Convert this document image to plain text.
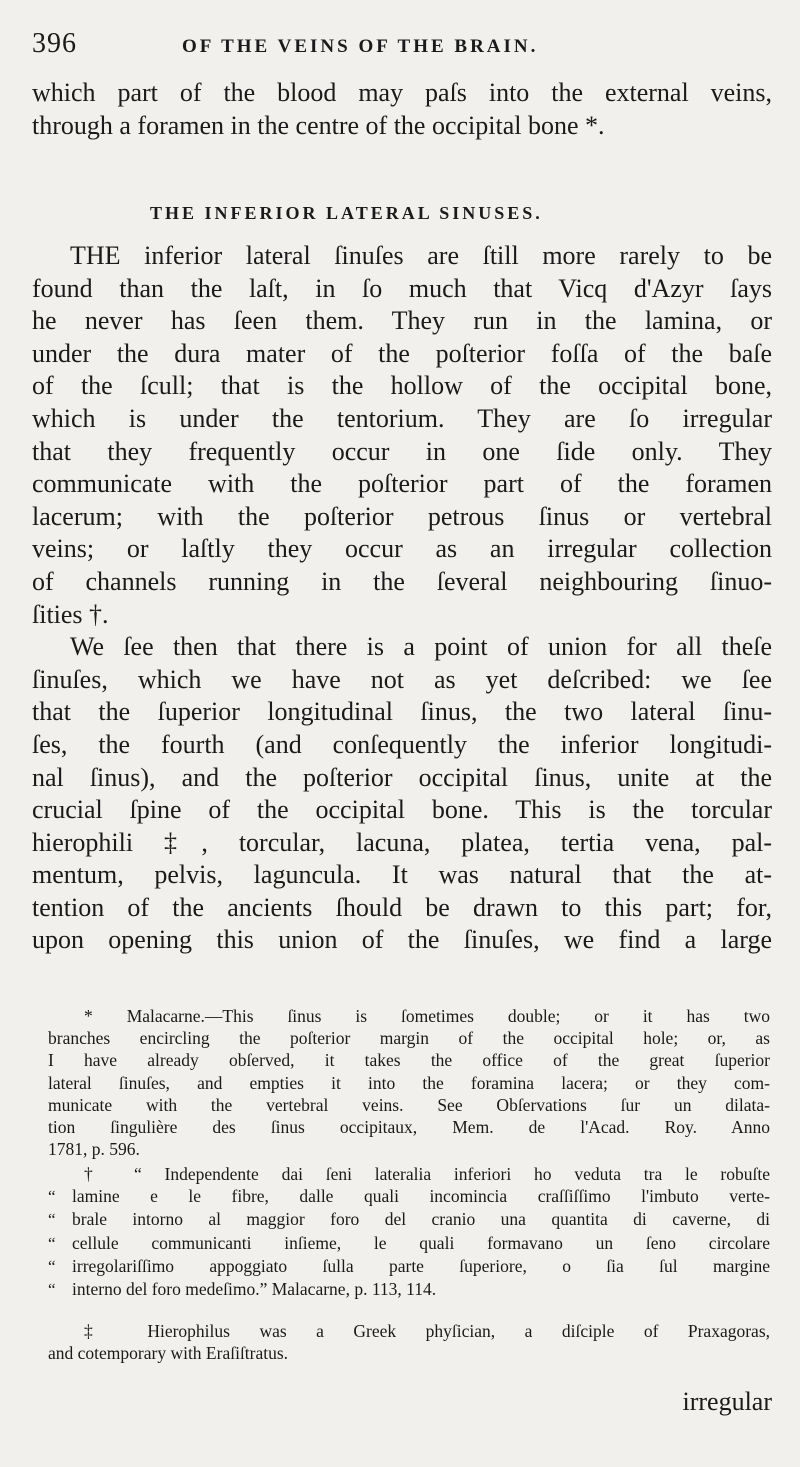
396	OF THE VEINS OF THE BRAIN.
which part of the blood may paſs into the external veins,
through a foramen in the centre of the occipital bone *.
THE INFERIOR LATERAL SINUSES.
THE inferior lateral ſinuſes are ſtill more rarely to be
found than the laſt, in ſo much that Vicq d'Azyr ſays
he never has ſeen them. They run in the lamina, or
under the dura mater of the poſterior foſſa of the baſe
of the ſcull; that is the hollow of the occipital bone,
which is under the tentorium. They are ſo irregular
that they frequently occur in one ſide only. They
communicate with the poſterior part of the foramen
lacerum; with the poſterior petrous ſinus or vertebral
veins; or laſtly they occur as an irregular collection
of channels running in the ſeveral neighbouring ſinuo-
ſities †.
We ſee then that there is a point of union for all theſe
ſinuſes, which we have not as yet deſcribed: we ſee
that the ſuperior longitudinal ſinus, the two lateral ſinu-
ſes, the fourth (and conſequently the inferior longitudi-
nal ſinus), and the poſterior occipital ſinus, unite at the
crucial ſpine of the occipital bone. This is the torcular
hierophili ‡, torcular, lacuna, platea, tertia vena, pal-
mentum, pelvis, laguncula. It was natural that the at-
tention of the ancients ſhould be drawn to this part; for,
upon opening this union of the ſinuſes, we find a large
* Malacarne.—This ſinus is ſometimes double; or it has two
branches encircling the poſterior margin of the occipital hole; or, as
I have already obſerved, it takes the office of the great ſuperior
lateral ſinuſes, and empties it into the foramina lacera; or they com-
municate with the vertebral veins. See Obſervations ſur un dilata-
tion ſingulière des ſinus occipitaux, Mem. de l'Acad. Roy. Anno
1781, p. 596.
† “ Independente dai ſeni lateralia inferiori ho veduta tra le robuſte
“ lamine e le fibre, dalle quali incomincia craſſiſſimo l'imbuto verte-
“ brale intorno al maggior foro del cranio una quantita di caverne, di
“ cellule communicanti inſieme, le quali formavano un ſeno circolare
“ irregolariſſimo appoggiato ſulla parte ſuperiore, o ſia ſul margine
“ interno del foro medeſimo.” Malacarne, p. 113, 114.
‡ Hierophilus was a Greek phyſician, a diſciple of Praxagoras,
and cotemporary with Eraſiſtratus.
irregular
